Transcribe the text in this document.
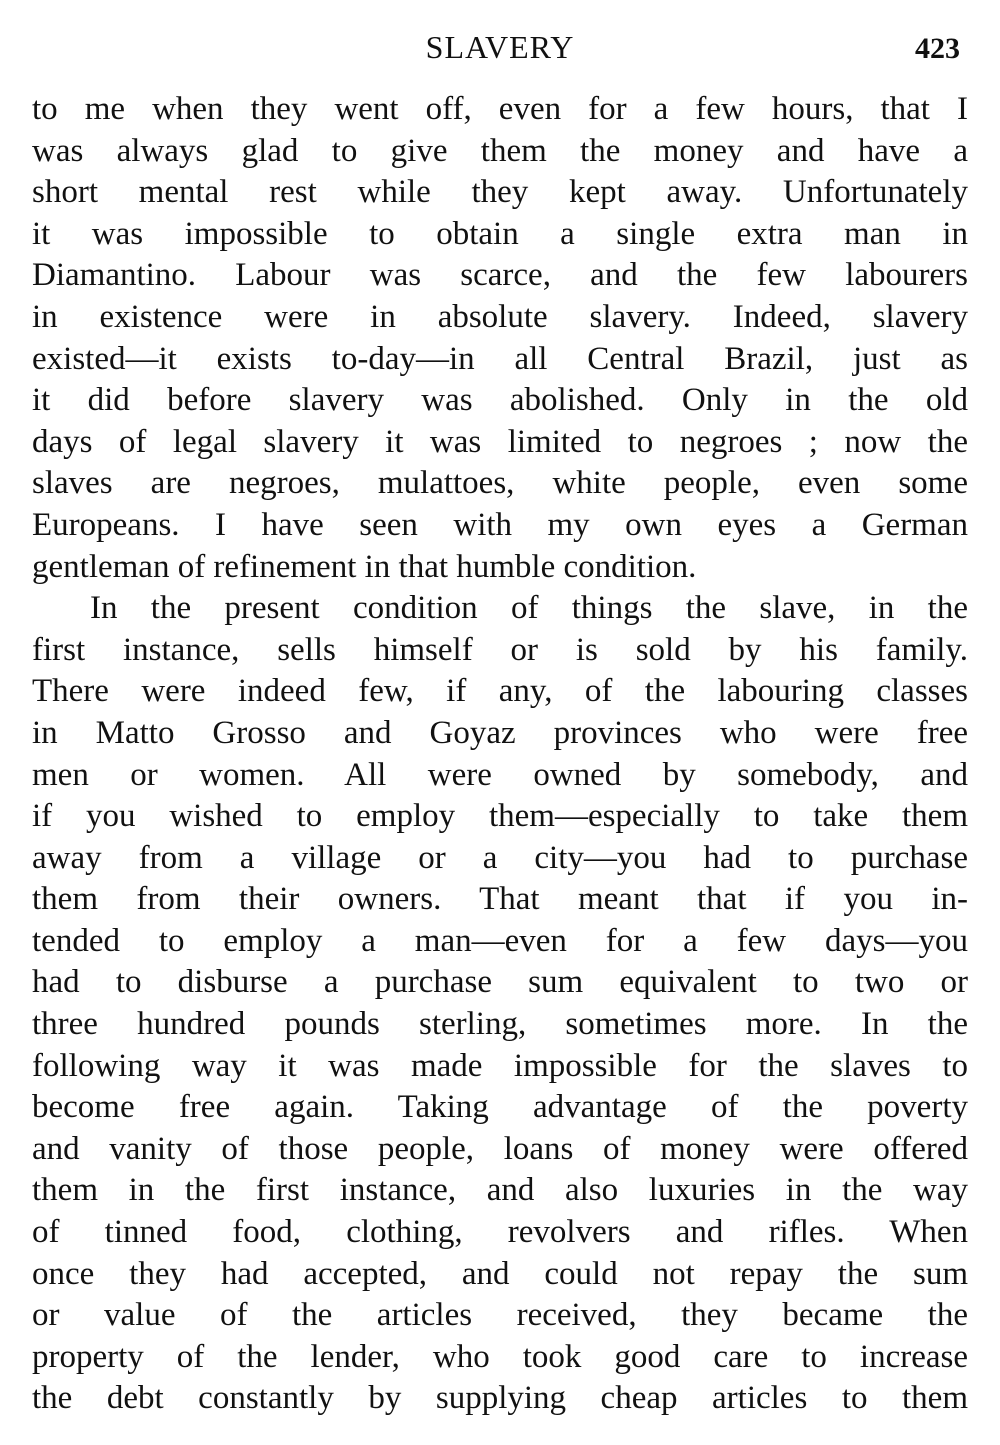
SLAVERY	423
to me when they went off, even for a few hours, that I
was always glad to give them the money and have a
short mental rest while they kept away. Unfortunately
it was impossible to obtain a single extra man in
Diamantino. Labour was scarce, and the few labourers
in existence were in absolute slavery. Indeed, slavery
existed—it exists to-day—in all Central Brazil, just as
it did before slavery was abolished. Only in the old
days of legal slavery it was limited to negroes ; now the
slaves are negroes, mulattoes, white people, even some
Europeans. I have seen with my own eyes a German
gentleman of refinement in that humble condition.
In the present condition of things the slave, in the
first instance, sells himself or is sold by his family.
There were indeed few, if any, of the labouring classes
in Matto Grosso and Goyaz provinces who were free
men or women. All were owned by somebody, and
if you wished to employ them—especially to take them
away from a village or a city—you had to purchase
them from their owners. That meant that if you in-
tended to employ a man—even for a few days—you
had to disburse a purchase sum equivalent to two or
three hundred pounds sterling, sometimes more. In the
following way it was made impossible for the slaves to
become free again. Taking advantage of the poverty
and vanity of those people, loans of money were offered
them in the first instance, and also luxuries in the way
of tinned food, clothing, revolvers and rifles. When
once they had accepted, and could not repay the sum
or value of the articles received, they became the
property of the lender, who took good care to increase
the debt constantly by supplying cheap articles to them
